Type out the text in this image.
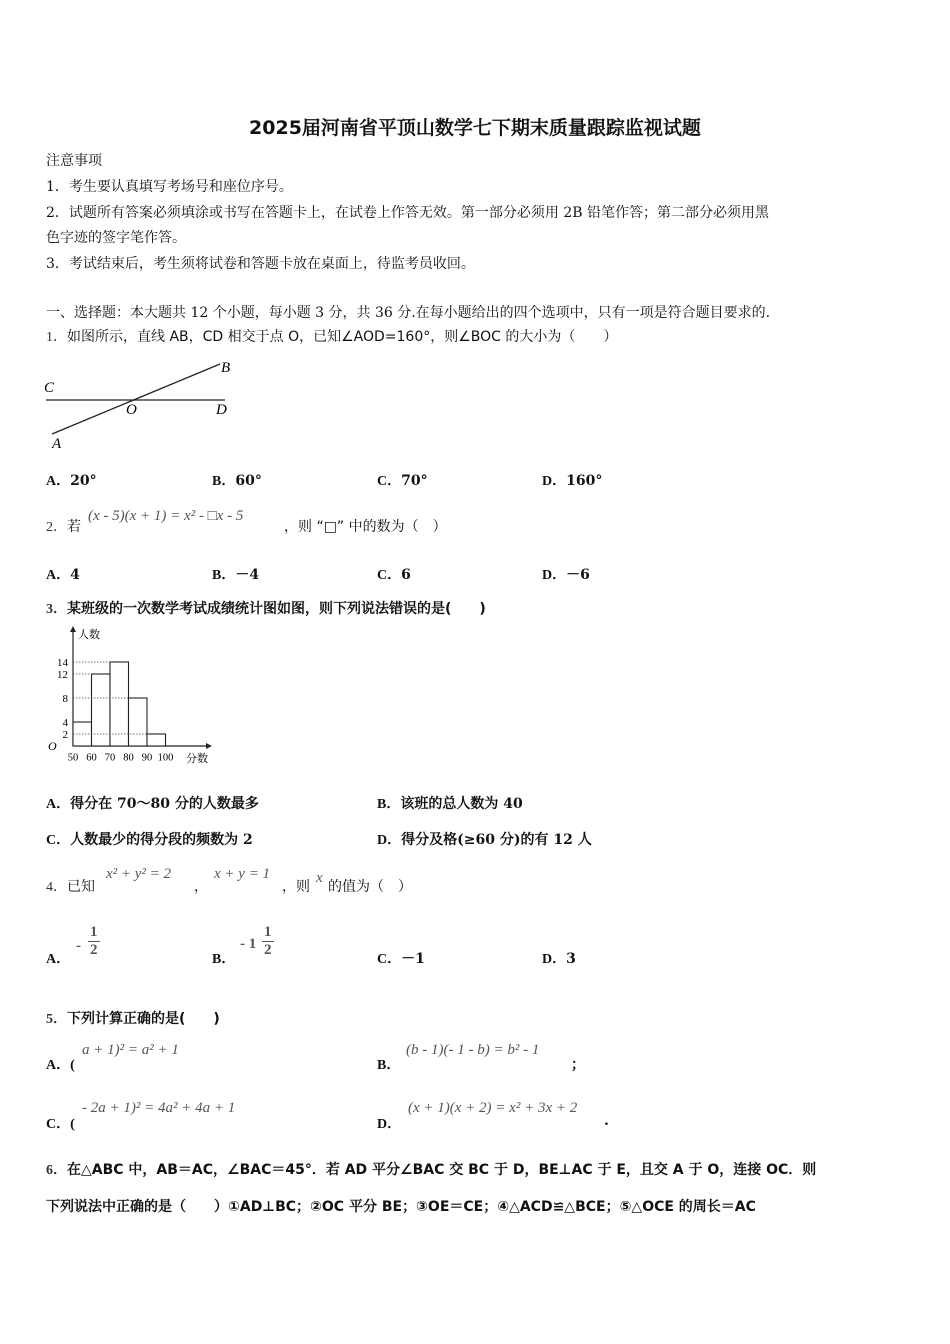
2025届河南省平顶山数学七下期末质量跟踪监视试题
注意事项
1．考生要认真填写考场号和座位序号。
2．试题所有答案必须填涂或书写在答题卡上，在试卷上作答无效。第一部分必须用 2B 铅笔作答；第二部分必须用黑
色字迹的签字笔作答。
3．考试结束后，考生须将试卷和答题卡放在桌面上，待监考员收回。
一、选择题：本大题共 12 个小题，每小题 3 分，共 36 分.在每小题给出的四个选项中，只有一项是符合题目要求的.
1．如图所示，直线 AB，CD 相交于点 O，已知∠AOD=160°，则∠BOC 的大小为（　　）
C
B
O	D
A
A．20°	B．60°	C．70°	D．160°
2．若
(x - 5)(x + 1) = x² - □x - 5
，则 “□” 中的数为（　）
A．4	B．－4	C．6	D．－6
3．某班级的一次数学考试成绩统计图如图，则下列说法错误的是(　　)
2
4
8
12
14
50 60 70 80 90 100
O
人数
分数
A．得分在 70～80 分的人数最多	B．该班的总人数为 40
C．人数最少的得分段的频数为 2	D．得分及格(≥60 分)的有 12 人
4．已知
x² + y² = 2
，
x + y = 1
，则
x
的值为（　）
A．
- $\frac{1}{2}$
B．
- $1 \frac{1}{2}$
C．－1	D．3
5．下列计算正确的是(　　)
A．(
a + 1)² = a² + 1
B．
(b - 1)(- 1 - b) = b² - 1
；
C．(
- 2a + 1)² = 4a² + 4a + 1
D．
(x + 1)(x + 2) = x² + 3x + 2
.
6．在△ABC 中，AB＝AC，∠BAC＝45°．若 AD 平分∠BAC 交 BC 于 D，BE⊥AC 于 E，且交 A 于 O，连接 OC．则
下列说法中正确的是（　　）①AD⊥BC；②OC 平分 BE；③OE＝CE；④△ACD≌△BCE；⑤△OCE 的周长＝AC
